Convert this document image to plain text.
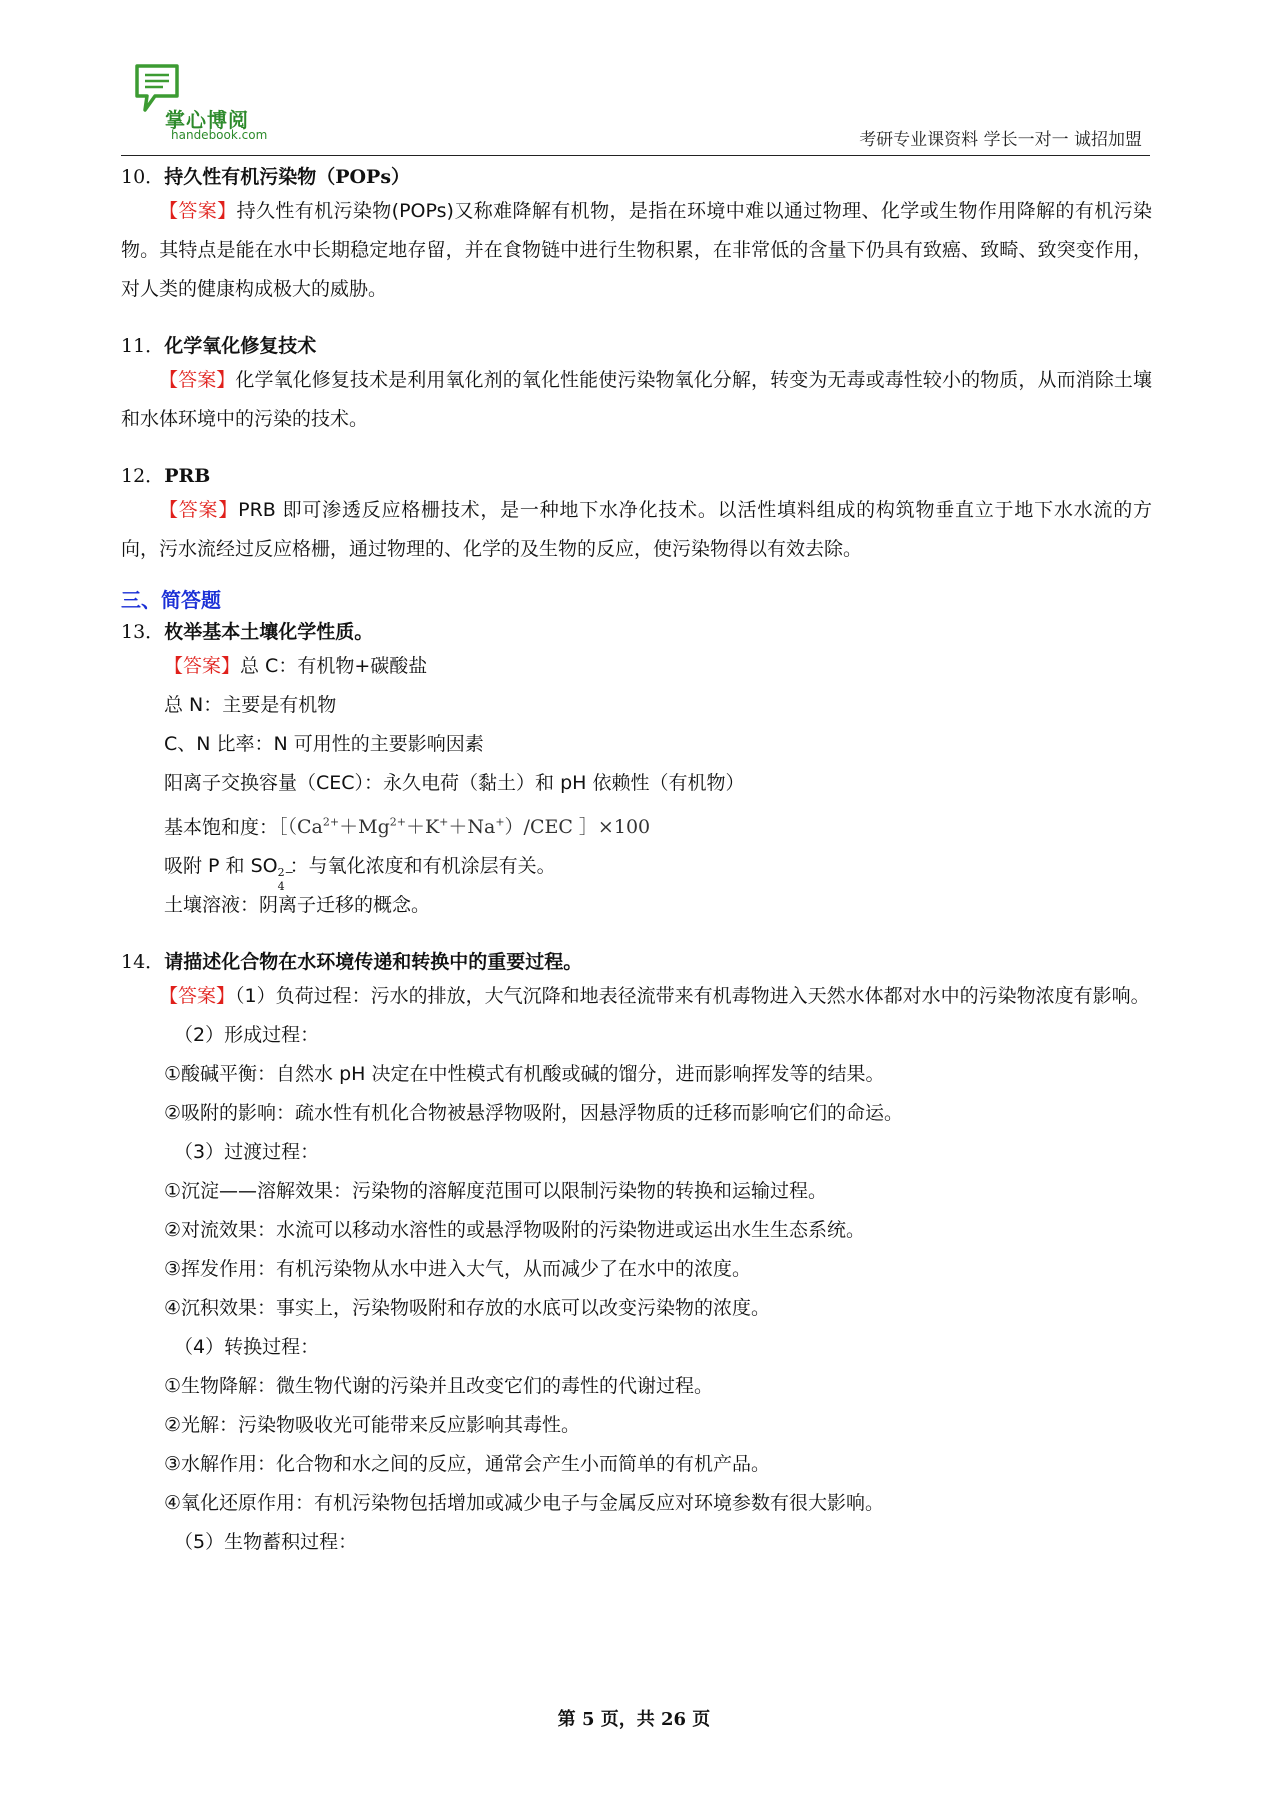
掌心博阅
handebook.com	考研专业课资料 学长一对一 诚招加盟
10．持久性有机污染物（POPs）
【答案】持久性有机污染物(POPs)又称难降解有机物，是指在环境中难以通过物理、化学或生物作用降解的有机污染物。其特点是能在水中长期稳定地存留，并在食物链中进行生物积累，在非常低的含量下仍具有致癌、致畸、致突变作用，对人类的健康构成极大的威胁。
11．化学氧化修复技术
【答案】化学氧化修复技术是利用氧化剂的氧化性能使污染物氧化分解，转变为无毒或毒性较小的物质，从而消除土壤和水体环境中的污染的技术。
12．PRB
【答案】PRB 即可渗透反应格栅技术，是一种地下水净化技术。以活性填料组成的构筑物垂直立于地下水水流的方向，污水流经过反应格栅，通过物理的、化学的及生物的反应，使污染物得以有效去除。
三、简答题
13．枚举基本土壤化学性质。
【答案】总 C：有机物+碳酸盐
总 N：主要是有机物
C、N 比率：N 可用性的主要影响因素
阳离子交换容量（CEC）：永久电荷（黏土）和 pH 依赖性（有机物）
基本饱和度：$[(Ca^{2+}+Mg^{2+}+K^++Na^+)$/CEC ］×100
吸附 P 和 SO 2−
4
：与氧化浓度和有机涂层有关。
土壤溶液：阴离子迁移的概念。
14．请描述化合物在水环境传递和转换中的重要过程。
【答案】（1）负荷过程：污水的排放，大气沉降和地表径流带来有机毒物进入天然水体都对水中的污染物浓度有影响。
（2）形成过程：
①酸碱平衡：自然水 pH 决定在中性模式有机酸或碱的馏分，进而影响挥发等的结果。
②吸附的影响：疏水性有机化合物被悬浮物吸附，因悬浮物质的迁移而影响它们的命运。
（3）过渡过程：
①沉淀——溶解效果：污染物的溶解度范围可以限制污染物的转换和运输过程。
②对流效果：水流可以移动水溶性的或悬浮物吸附的污染物进或运出水生生态系统。
③挥发作用：有机污染物从水中进入大气，从而减少了在水中的浓度。
④沉积效果：事实上，污染物吸附和存放的水底可以改变污染物的浓度。
（4）转换过程：
①生物降解：微生物代谢的污染并且改变它们的毒性的代谢过程。
②光解：污染物吸收光可能带来反应影响其毒性。
③水解作用：化合物和水之间的反应，通常会产生小而简单的有机产品。
④氧化还原作用：有机污染物包括增加或减少电子与金属反应对环境参数有很大影响。
（5）生物蓄积过程：
第 5 页，共 26 页
